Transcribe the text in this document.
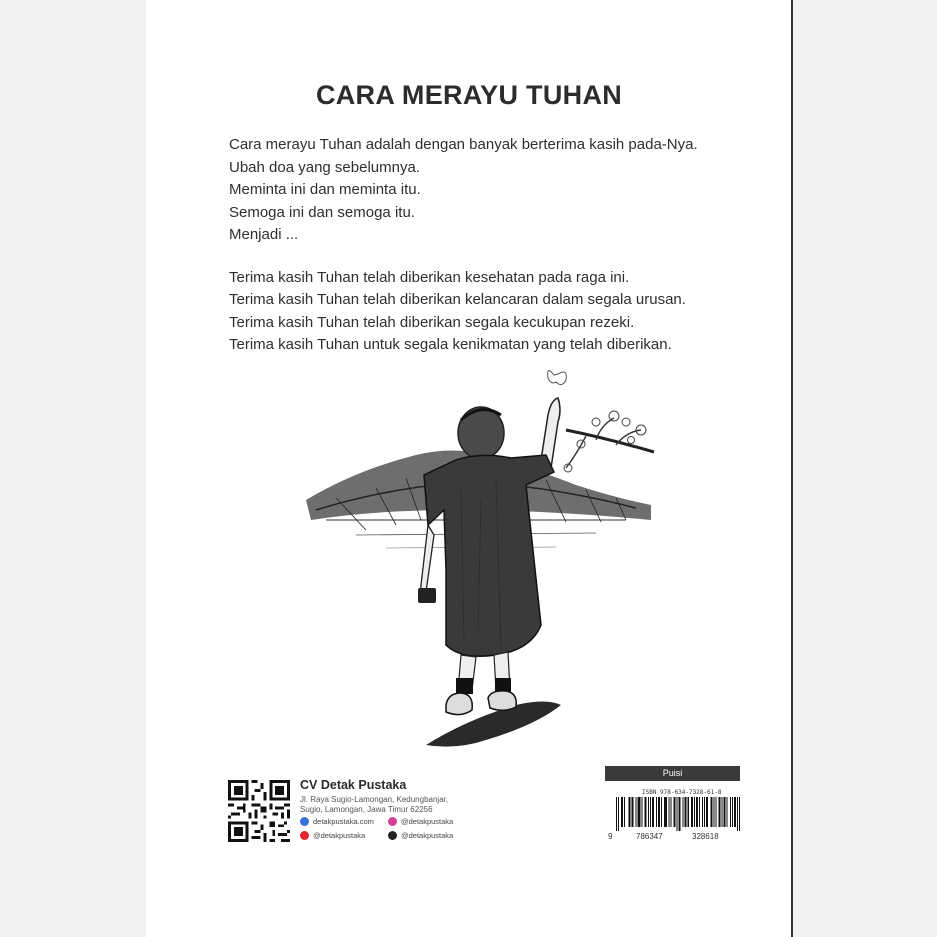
CARA MERAYU TUHAN
Cara merayu Tuhan adalah dengan banyak berterima kasih pada-Nya.
Ubah doa yang sebelumnya.
Meminta ini dan meminta itu.
Semoga ini dan semoga itu.
Menjadi ...
Terima kasih Tuhan telah diberikan kesehatan pada raga ini.
Terima kasih Tuhan telah diberikan kelancaran dalam segala urusan.
Terima kasih Tuhan telah diberikan segala kecukupan rezeki.
Terima kasih Tuhan untuk segala kenikmatan yang telah diberikan.
CV Detak Pustaka
Jl. Raya Sugio-Lamongan, Kedungbanjar,
Sugio, Lamongan, Jawa Timur 62256
detakpustaka.com	@detakpustaka
@detakpustaka	@detakpustaka
Puisi
ISBN 978-634-7328-61-8
9	786347	328618
